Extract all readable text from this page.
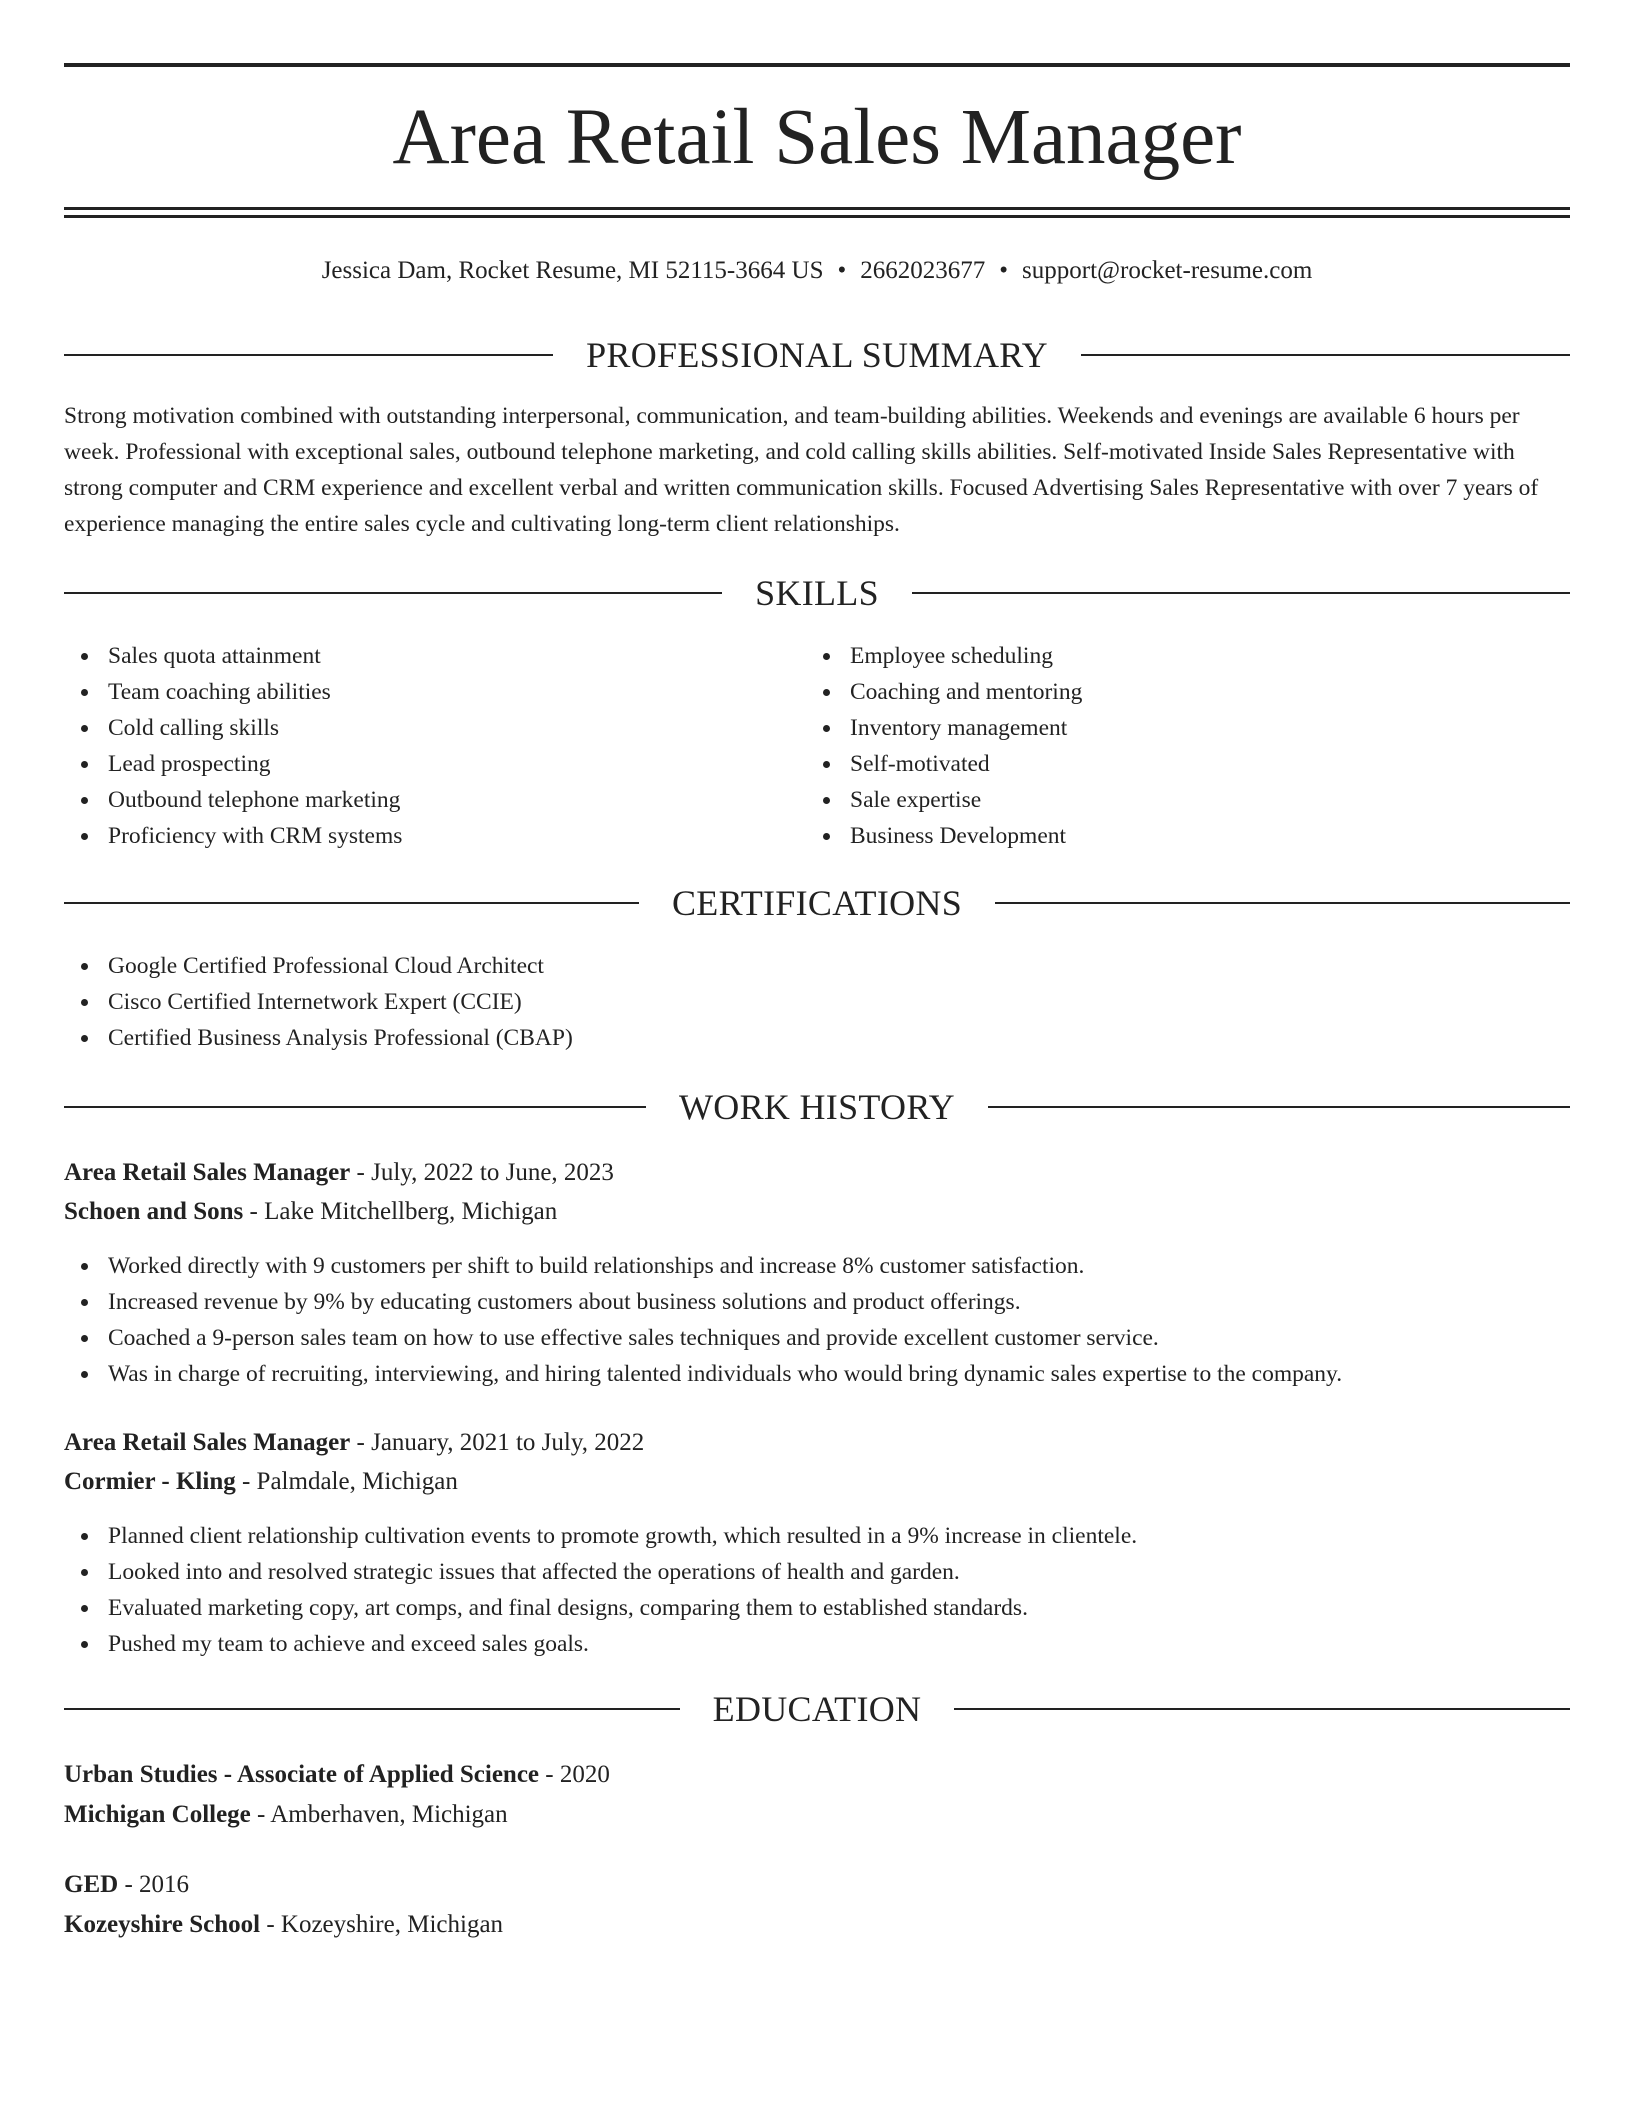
Area Retail Sales Manager
Jessica Dam, Rocket Resume, MI 52115-3664 US • 2662023677 • support@rocket-resume.com
PROFESSIONAL SUMMARY

Strong motivation combined with outstanding interpersonal, communication, and team-building abilities. Weekends and evenings are available 6 hours per week. Professional with exceptional sales, outbound telephone marketing, and cold calling skills abilities. Self-motivated Inside Sales Representative with strong computer and CRM experience and excellent verbal and written communication skills. Focused Advertising Sales Representative with over 7 years of experience managing the entire sales cycle and cultivating long-term client relationships.

SKILLS
Sales quota attainment
Team coaching abilities
Cold calling skills
Lead prospecting
Outbound telephone marketing
Proficiency with CRM systems
Employee scheduling
Coaching and mentoring
Inventory management
Self-motivated
Sale expertise
Business Development
CERTIFICATIONS
Google Certified Professional Cloud Architect
Cisco Certified Internetwork Expert (CCIE)
Certified Business Analysis Professional (CBAP)
WORK HISTORY
Area Retail Sales Manager - July, 2022 to June, 2023
Schoen and Sons - Lake Mitchellberg, Michigan
Worked directly with 9 customers per shift to build relationships and increase 8% customer satisfaction.
Increased revenue by 9% by educating customers about business solutions and product offerings.
Coached a 9-person sales team on how to use effective sales techniques and provide excellent customer service.
Was in charge of recruiting, interviewing, and hiring talented individuals who would bring dynamic sales expertise to the company.
Area Retail Sales Manager - January, 2021 to July, 2022
Cormier - Kling - Palmdale, Michigan
Planned client relationship cultivation events to promote growth, which resulted in a 9% increase in clientele.
Looked into and resolved strategic issues that affected the operations of health and garden.
Evaluated marketing copy, art comps, and final designs, comparing them to established standards.
Pushed my team to achieve and exceed sales goals.
EDUCATION
Urban Studies - Associate of Applied Science - 2020
Michigan College - Amberhaven, Michigan
GED - 2016
Kozeyshire School - Kozeyshire, Michigan
